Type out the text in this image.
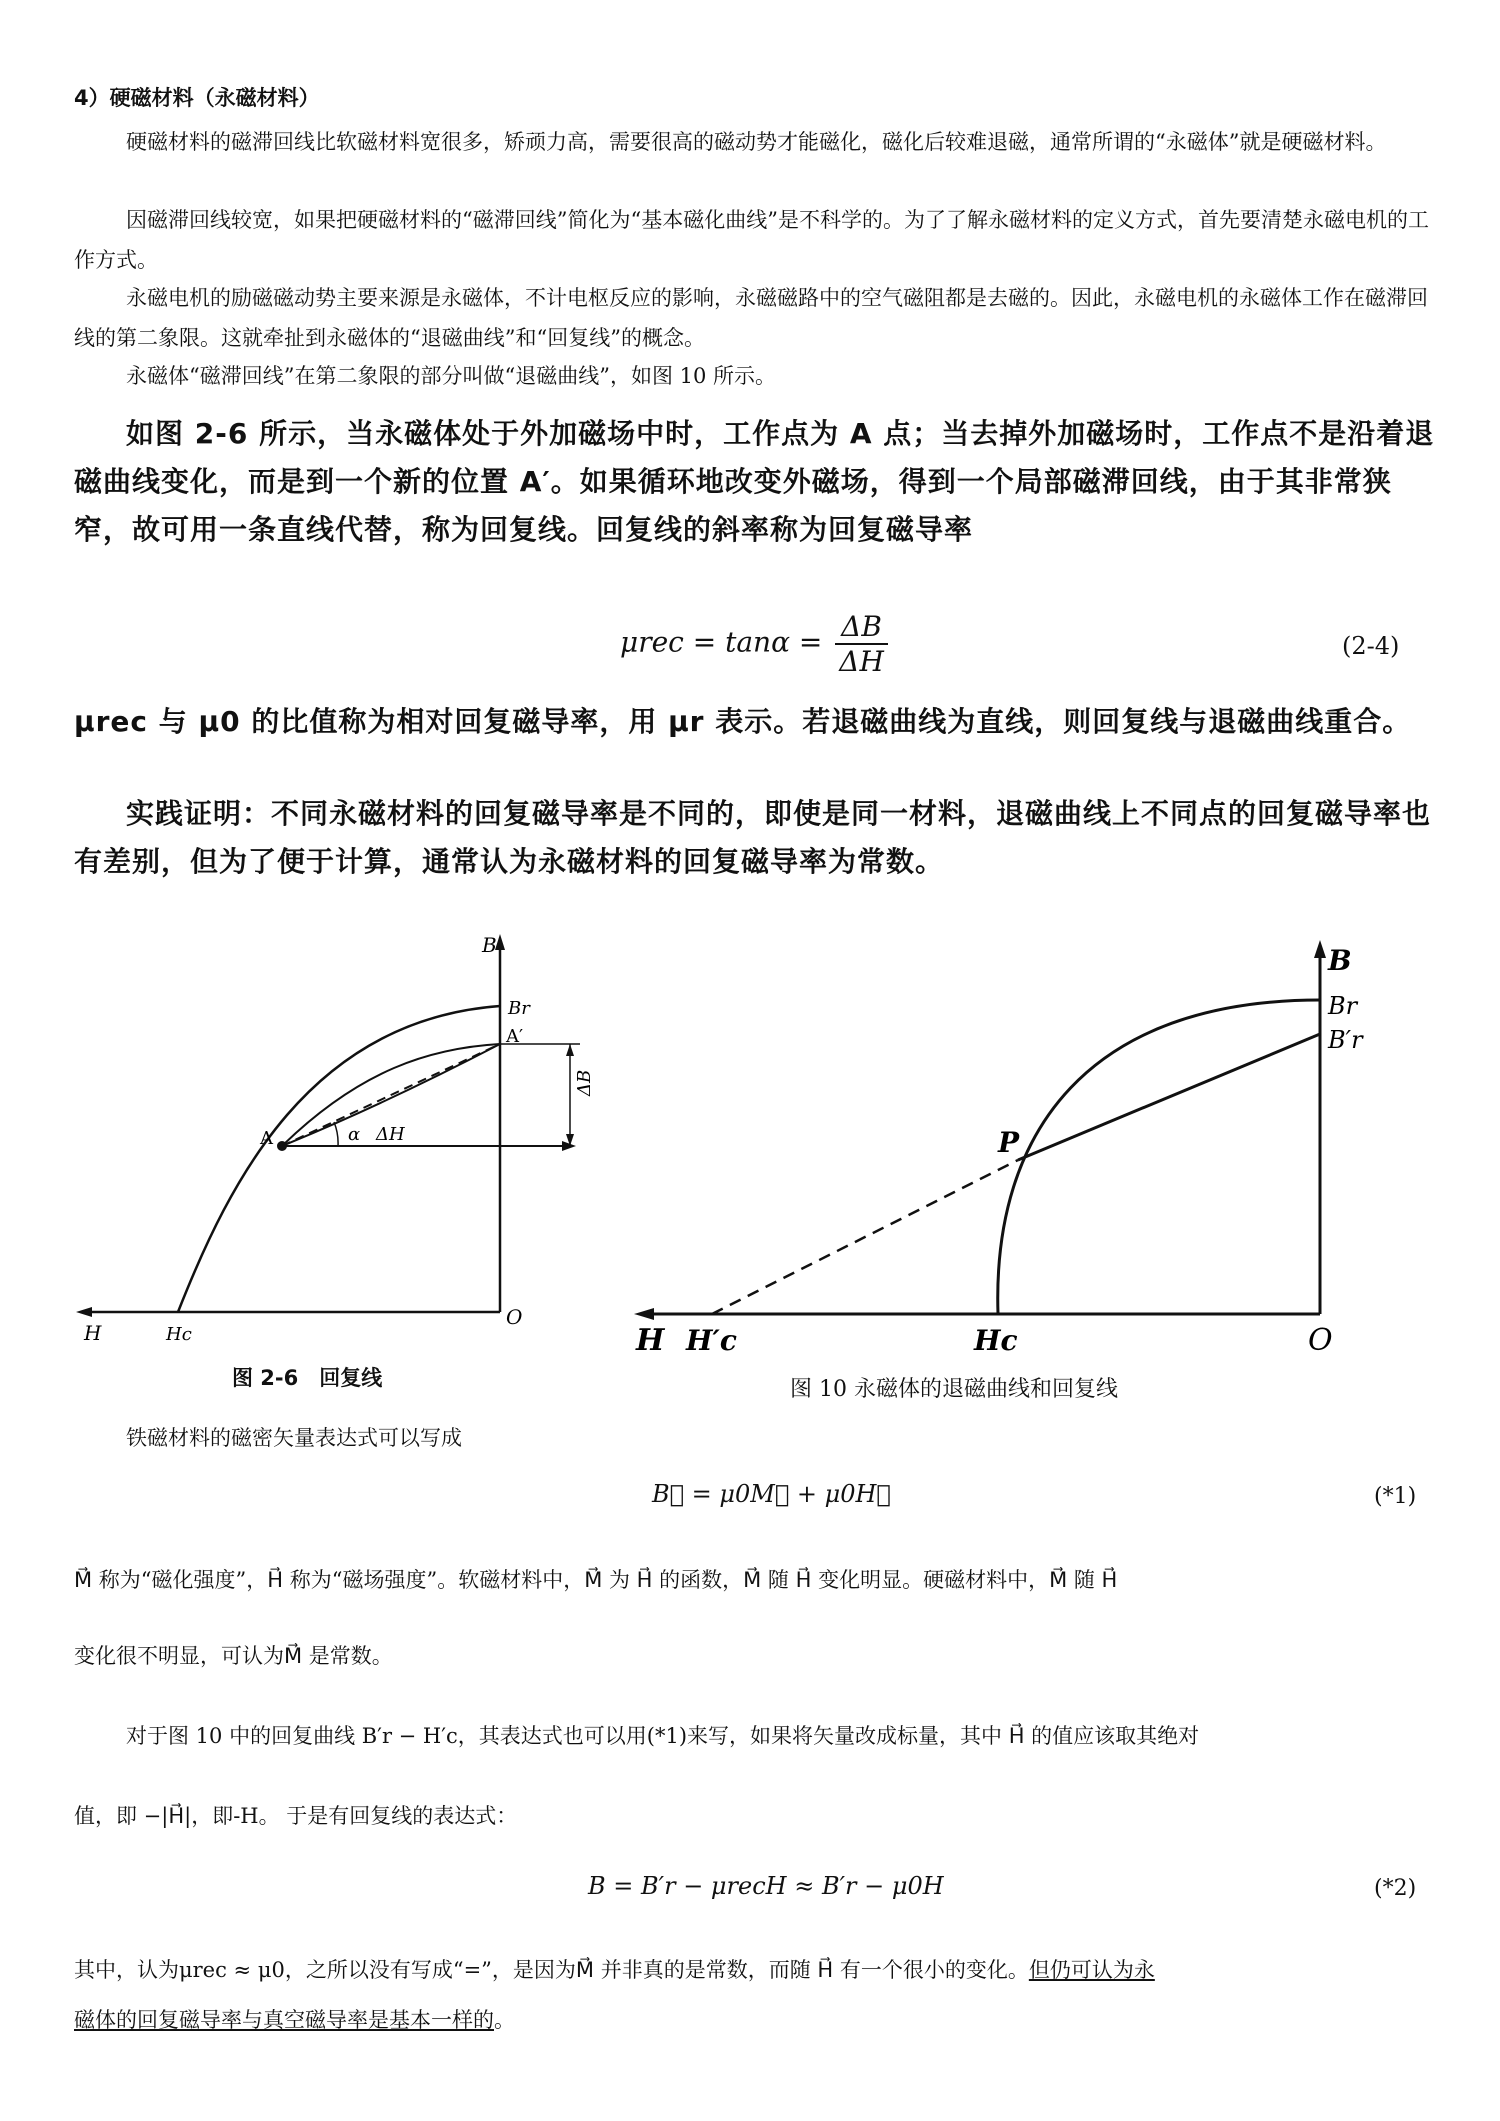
4）硬磁材料（永磁材料）
硬磁材料的磁滞回线比软磁材料宽很多，矫顽力高，需要很高的磁动势才能磁化，磁化后较难退磁，通常所谓的“永磁体”就是硬磁材料。
因磁滞回线较宽，如果把硬磁材料的“磁滞回线”简化为“基本磁化曲线”是不科学的。为了了解永磁材料的定义方式，首先要清楚永磁电机的工作方式。
永磁电机的励磁磁动势主要来源是永磁体，不计电枢反应的影响，永磁磁路中的空气磁阻都是去磁的。因此，永磁电机的永磁体工作在磁滞回线的第二象限。这就牵扯到永磁体的“退磁曲线”和“回复线”的概念。
永磁体“磁滞回线”在第二象限的部分叫做“退磁曲线”，如图 10 所示。
如图 2-6 所示，当永磁体处于外加磁场中时，工作点为 A 点；当去掉外加磁场时，工作点不是沿着退磁曲线变化，而是到一个新的位置 A′。如果循环地改变外磁场，得到一个局部磁滞回线，由于其非常狭窄，故可用一条直线代替，称为回复线。回复线的斜率称为回复磁导率
$\mu rec = \tan\alpha = \frac{\Delta B}{\Delta H}$	(2-4)
μrec 与 μ0 的比值称为相对回复磁导率，用 μr 表示。若退磁曲线为直线，则回复线与退磁曲线重合。
实践证明：不同永磁材料的回复磁导率是不同的，即使是同一材料，退磁曲线上不同点的回复磁导率也有差别，但为了便于计算，通常认为永磁材料的回复磁导率为常数。
B
Br
A′
A	α ΔH
ΔB
H	Hc
O
图 2-6　回复线
B
Br
B′r
P
H H′c	Hc	O
图 10 永磁体的退磁曲线和回复线
铁磁材料的磁密矢量表达式可以写成
B⃗ = μ0M⃗ + μ0H⃗	(*1)
M⃗ 称为“磁化强度”，H⃗ 称为“磁场强度”。软磁材料中，M⃗ 为 H⃗ 的函数，M⃗ 随 H⃗ 变化明显。硬磁材料中，M⃗ 随 H⃗
变化很不明显，可认为M⃗ 是常数。
对于图 10 中的回复曲线 B′r − H′c，其表达式也可以用(*1)来写，如果将矢量改成标量，其中 H⃗ 的值应该取其绝对
值，即 −|H⃗|，即-H。 于是有回复线的表达式：
B = B′r − μrecH ≈ B′r − μ0H	(*2)
其中，认为μrec ≈ μ0，之所以没有写成“=”，是因为M⃗ 并非真的是常数，而随 H⃗ 有一个很小的变化。但仍可认为永
磁体的回复磁导率与真空磁导率是基本一样的。
